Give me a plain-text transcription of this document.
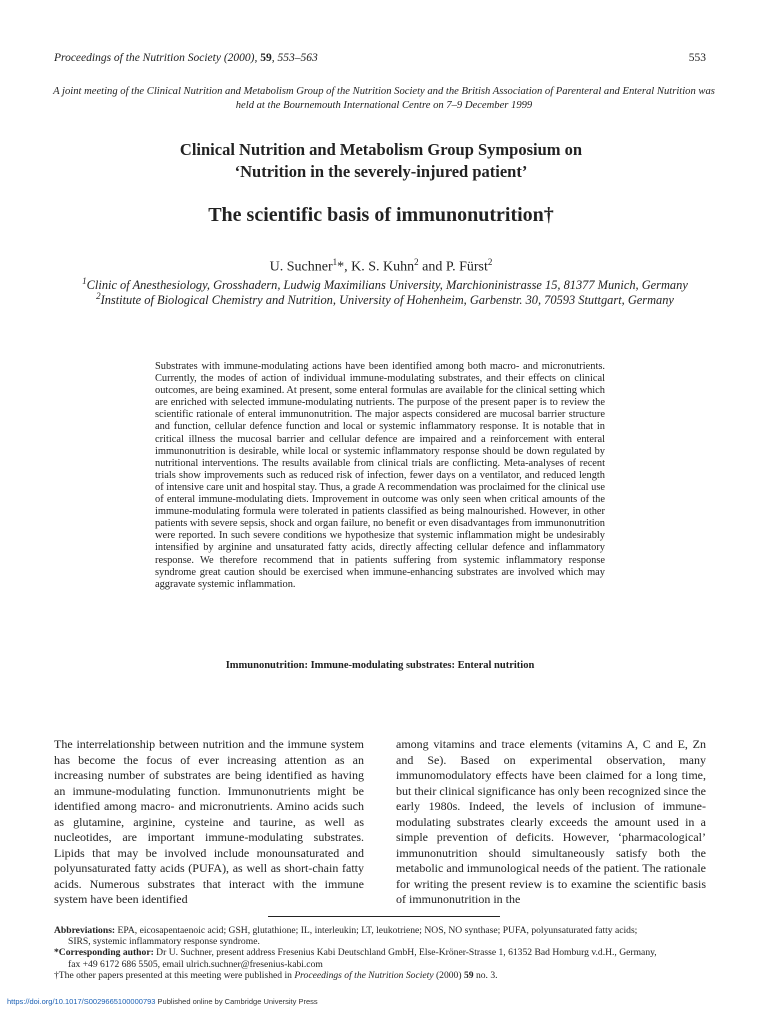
Proceedings of the Nutrition Society (2000), 59, 553–563	553
A joint meeting of the Clinical Nutrition and Metabolism Group of the Nutrition Society and the British Association of Parenteral and Enteral Nutrition was held at the Bournemouth International Centre on 7–9 December 1999
Clinical Nutrition and Metabolism Group Symposium on
‘Nutrition in the severely-injured patient’
The scientific basis of immunonutrition†
U. Suchner$^1$*, K. S. Kuhn$^2$ and P. Fürst$^2$
$^1$Clinic of Anesthesiology, Grosshadern, Ludwig Maximilians University, Marchioninistrasse 15, 81377 Munich, Germany
$^2$Institute of Biological Chemistry and Nutrition, University of Hohenheim, Garbenstr. 30, 70593 Stuttgart, Germany
Substrates with immune-modulating actions have been identified among both macro- and micronutrients. Currently, the modes of action of individual immune-modulating substrates, and their effects on clinical outcomes, are being examined. At present, some enteral formulas are available for the clinical setting which are enriched with selected immune-modulating nutrients. The purpose of the present paper is to review the scientific rationale of enteral immunonutrition. The major aspects considered are mucosal barrier structure and function, cellular defence function and local or systemic inflammatory response. It is notable that in critical illness the mucosal barrier and cellular defence are impaired and a reinforcement with enteral immunonutrition is desirable, while local or systemic inflammatory response should be down regulated by nutritional interventions. The results available from clinical trials are conflicting. Meta-analyses of recent trials show improvements such as reduced risk of infection, fewer days on a ventilator, and reduced length of intensive care unit and hospital stay. Thus, a grade A recommendation was proclaimed for the clinical use of enteral immune-modulating diets. Improvement in outcome was only seen when critical amounts of the immune-modulating formula were tolerated in patients classified as being malnourished. However, in other patients with severe sepsis, shock and organ failure, no benefit or even disadvantages from immunonutrition were reported. In such severe conditions we hypothesize that systemic inflammation might be undesirably intensified by arginine and unsaturated fatty acids, directly affecting cellular defence and inflammatory response. We therefore recommend that in patients suffering from systemic inflammatory response syndrome great caution should be exercised when immune-enhancing substrates are involved which may aggravate systemic inflammation.
Immunonutrition: Immune-modulating substrates: Enteral nutrition
The interrelationship between nutrition and the immune system has become the focus of ever increasing attention as an increasing number of substrates are being identified as having an immune-modulating function. Immunonutrients might be identified among macro- and micronutrients. Amino acids such as glutamine, arginine, cysteine and taurine, as well as nucleotides, are important immune-modulating substrates. Lipids that may be involved include monounsaturated and polyunsaturated fatty acids (PUFA), as well as short-chain fatty acids. Numerous substrates that interact with the immune system have been identified
among vitamins and trace elements (vitamins A, C and E, Zn and Se). Based on experimental observation, many immunomodulatory effects have been claimed for a long time, but their clinical significance has only been recognized since the early 1980s. Indeed, the levels of inclusion of immune-modulating substrates clearly exceeds the amount used in a simple prevention of deficits. However, ‘pharmacological’ immunonutrition should simultaneously satisfy both the metabolic and immunological needs of the patient. The rationale for writing the present review is to examine the scientific basis of immunonutrition in the

Abbreviations: EPA, eicosapentaenoic acid; GSH, glutathione; IL, interleukin; LT, leukotriene; NOS, NO synthase; PUFA, polyunsaturated fatty acids;
SIRS, systemic inflammatory response syndrome.

*Corresponding author: Dr U. Suchner, present address Fresenius Kabi Deutschland GmbH, Else-Kröner-Strasse 1, 61352 Bad Homburg v.d.H., Germany,
fax +49 6172 686 5505, email ulrich.suchner@fresenius-kabi.com

†The other papers presented at this meeting were published in Proceedings of the Nutrition Society (2000) 59 no. 3.

https://doi.org/10.1017/S0029665100000793 Published online by Cambridge University Press
